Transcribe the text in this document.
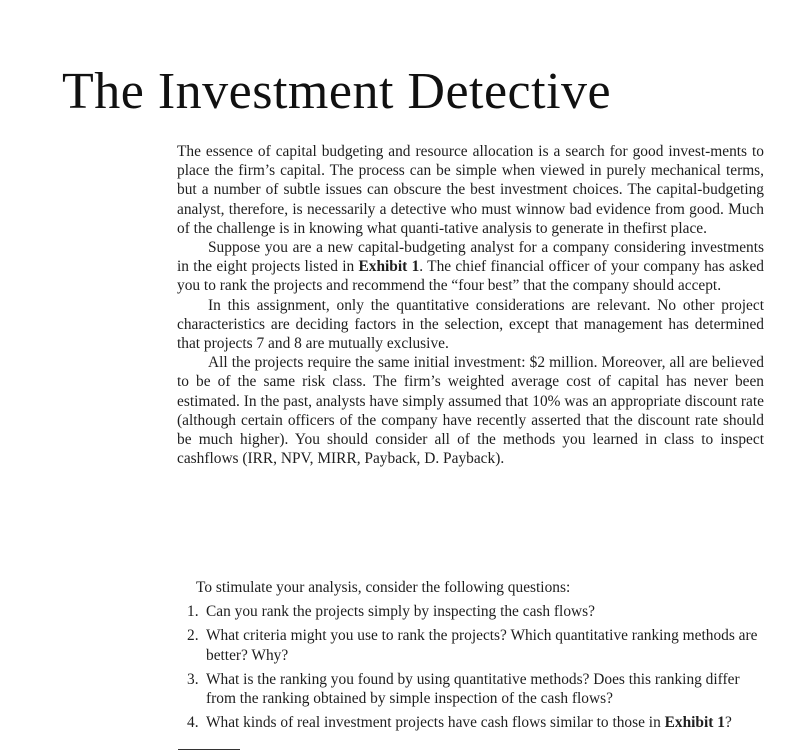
The Investment Detective

The essence of capital budgeting and resource allocation is a search for good invest-ments to place the firm’s capital. The process can be simple when viewed in purely mechanical terms, but a number of subtle issues can obscure the best investment choices. The capital-budgeting analyst, therefore, is necessarily a detective who must winnow bad evidence from good. Much of the challenge is in knowing what quanti-tative analysis to generate in thefirst place.

Suppose you are a new capital-budgeting analyst for a company considering investments in the eight projects listed in Exhibit 1. The chief financial officer of your company has asked you to rank the projects and recommend the “four best” that the company should accept.

In this assignment, only the quantitative considerations are relevant. No other project characteristics are deciding factors in the selection, except that management has determined that projects 7 and 8 are mutually exclusive.

All the projects require the same initial investment: $2 million. Moreover, all are believed to be of the same risk class. The firm’s weighted average cost of capital has never been estimated. In the past, analysts have simply assumed that 10% was an appropriate discount rate (although certain officers of the company have recently asserted that the discount rate should be much higher). You should consider all of the methods you learned in class to inspect cashflows (IRR, NPV, MIRR, Payback, D. Payback).

To stimulate your analysis, consider the following questions:

1. Can you rank the projects simply by inspecting the cash flows?
2. What criteria might you use to rank the projects? Which quantitative ranking methods are better? Why?
3. What is the ranking you found by using quantitative methods? Does this ranking differ from the ranking obtained by simple inspection of the cash flows?
4. What kinds of real investment projects have cash flows similar to those in Exhibit 1?
